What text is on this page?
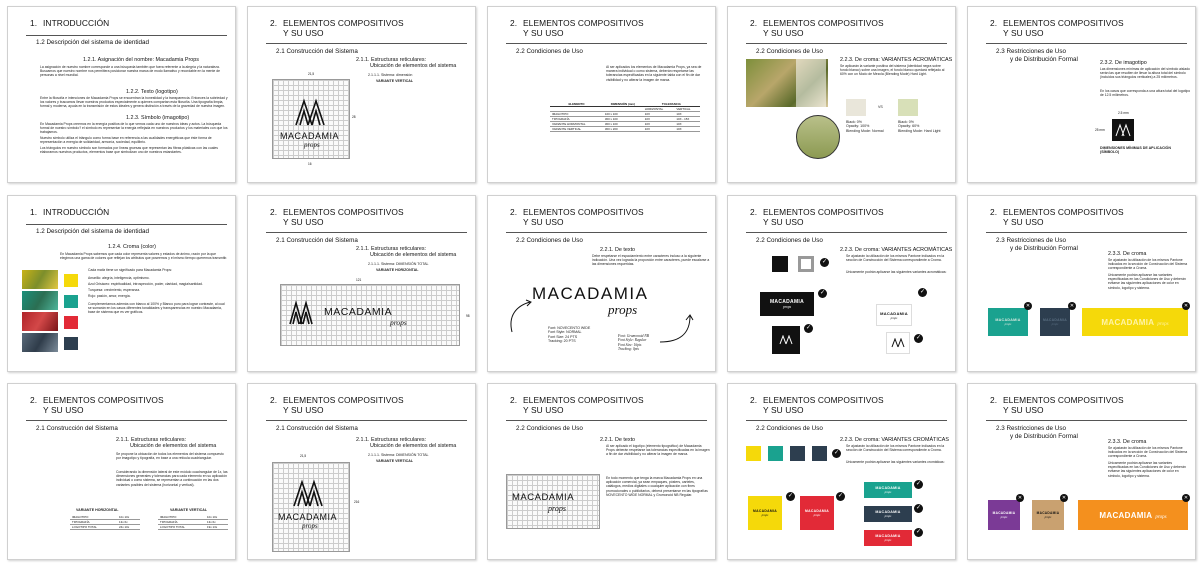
1. INTRODUCCIÓN
1.2 Descripción del sistema de identidad
1.2.1. Asignación del nombre: Macadamia Props
La asignación de nuestro nombre corresponde a una búsqueda también que fuera referente a la alegría y la naturaleza. Buscamos que nuestro nombre nos permitiera posicionar nuestra marca de modo llamativo y recordable en la mente de personas a nivel mundial.
1.2.2. Texto (logotipo)
Entre la filosofía e intenciones de Macadamia Props se encuentran la honestidad y la transparencia. Entonces la sobriedad y los valores y buscamos llevar nuestros productos especialmente a quienes compartan esta filosofía. Una tipografía limpia, formal y moderna, ayuda en la transmisión de estos ideales y genera distinción a través de la gravedad de nuestra imagen.
1.2.3. Símbolo (imagotipo)
En Macadamia Props creemos en la energía positiva de lo que vemos cada uno de nuestros ideas y actos. La búsqueda formal de nuestro símbolo? el símbolo es representar la energía reflejada en nuestros productos y los materiales con que los trabajamos.
Nuestro símbolo utiliza el triángulo como forma base en referencia a las cualidades energéticas que éste forma de representación a energía de solidaridad, armonía, sociedad, equilibrio.
Los triángulos en nuestro símbolo son formados por líneas gruesas que representan las fibras plásticas con las cuales elaboramos nuestros productos, elementos base que simbolizan uno de nuestros estandartes.
2. ELEMENTOS COMPOSITIVOS
Y SU USO
2.1 Construcción del Sistema
2.1.1. Estructuras reticulares:
Ubicación de elementos del sistema
2.1.1.1. Sistema: dimensión
VARIANTE VERTICAL
21,5
28
16
MACADAMIA
props
2. ELEMENTOS COMPOSITIVOS
Y SU USO
2.2 Condiciones de Uso
Al ser aplicados los elementos de Macadamia Props, ya sea de manera individual o como sistema, deberán respetarse las tolerancias especificadas en la siguiente tabla con el fin de dar visibilidad y no alterar la imagen de marca.
ELEMENTO	DIMENSIÓN (mm)	TOLERANCIA	
		HORIZONTAL	VERTICAL
IMAGOTIPO	100 x 100	10X	10X
TIPOGRAFÍA	300 x 100	10X	10X - 15X
VARIANTE HORIZONTAL	300 x 100	10X	10X
VARIANTE VERTICAL	300 x 200	10X	10X
2. ELEMENTOS COMPOSITIVOS
Y SU USO
2.2 Condiciones de Uso
2.2.3. De croma: VARIANTES ACROMÁTICAS
Se aplicarán la variante positiva del sistema (identidad negra sobre fondo blanco) sobre una imagen, el fondo blanco quedará reflejado al 60% con un Modo de Mezcla (Blending Mode) Hard Light.
VS
Black: 0%
Opacity: 100%
Blending Mode: Normal
Black: 0%
Opacity: 60%
Blending Mode: Hard Light
2. ELEMENTOS COMPOSITIVOS
Y SU USO
2.3 Restricciones de Uso
y de Distribución Formal
2.3.2. De imagotipo
Las dimensiones mínimas de aplicación del símbolo aislado serán las que resulten de llevar la altura total del símbolo (incluidos sus triángulos verticales) a 25 milímetros.
En los casos que corresponda a una altura total del logotipo de 12.5 milímetros.
2.5 mm
25 mm
DIMENSIONES MÍNIMAS DE APLICACIÓN (SÍMBOLO)
1. INTRODUCCIÓN
1.2 Descripción del sistema de identidad
1.2.4. Croma (color)
En Macadamia Props sabemos que cada color representa valores y estados de ánimo, razón por la que elegimos una gama de colores que reflejan los atributos que poseemos y el mismo tiempo queremos transmitir.
Cada matiz tiene un significado para Macadamia Props:
Amarillo: alegría, inteligencia, optimismo.
Azul Grisáceo: espiritualidad, introspección, poder, claridad, magia/santidad.
Turquesa: crecimiento, esperanza.
Rojo: pasión, amor, energía.
Complementamos además con blanco al 100% y Blanco puro para lograr contraste, al cual se sumarán en los casos diferentes tonalidades y transparencias en nuestro Macadamia, base de sistema que es ver gráficos.
2. ELEMENTOS COMPOSITIVOS
Y SU USO
2.1 Construcción del Sistema
2.1.1. Estructuras reticulares:
Ubicación de elementos del sistema
2.1.1.1. Sistema: DIMENSIÓN TOTAL
VARIANTE HORIZONTAL
121
98
MACADAMIA
props
2. ELEMENTOS COMPOSITIVOS
Y SU USO
2.2 Condiciones de Uso
2.2.1. De texto
Debe respetarse el espaciamiento entre caracteres incluso a la siguiente indicación. Una vez lograda la proporción entre caracteres, puede escalarse a las dimensiones requeridas.
MACADAMIA
props
Font: NOVECENTO WIDE
Font Style: NORMAL
Font Size: 24 PTS
Tracking: 20 PTS
Font: Grumonoid NB
Font Style: Regular
Font Size: 16pts
Tracking: 0pts
2. ELEMENTOS COMPOSITIVOS
Y SU USO
2.2 Condiciones de Uso
2.2.3. De croma: VARIANTES ACROMÁTICAS
Se ajustarán la utilización de los mismos Pantone indicados en la sección de Construcción del Sistema correspondiente a Croma.
Únicamente podrán aplicarse las siguientes variantes acromáticas:
✓
MACADAMIA
props
✓
✓
MACADAMIA
props
✓
✓
2. ELEMENTOS COMPOSITIVOS
Y SU USO
2.3 Restricciones de Uso
y de Distribución Formal
2.3.3. De croma
Se ajustarán la utilización de los mismos Pantone indicados en la sección de Construcción del Sistema correspondiente a Croma.
Únicamente podrán aplicarse las variantes especificadas en las Condiciones de Uso y deberán evitarse las siguientes aplicaciones de color en símbolo, logotipo y sistema.
MACADAMIA
props
✕
MACADAMIA
props
✕
MACADAMIA props
✕
2. ELEMENTOS COMPOSITIVOS
Y SU USO
2.1 Construcción del Sistema
2.1.1. Estructuras reticulares:
Ubicación de elementos del sistema
Se propone la ubicación de todos los elementos del sistema compuesto por imagotipo y tipografía, en base a una retícula cuadriangular.
Considerando la dimensión lateral de este módulo cuadrangular de 1x, las dimensiones generales y tolerancias para cada elemento en su aplicación individual o como sistema, se representan a continuación en las dos variantes posibles del sistema (horizontal y vertical).
VARIANTE HORIZONTAL	VARIANTE VERTICAL
IMAGOTIPO	10x 10x
TIPOGRAFÍA	13x 6x
LOGOTIPO TOTAL	24x 10x
IMAGOTIPO	10x 10x
TIPOGRAFÍA	13x 6x
LOGOTIPO TOTAL	19x 13x
2. ELEMENTOS COMPOSITIVOS
Y SU USO
2.1 Construcción del Sistema
2.1.1. Estructuras reticulares:
Ubicación de elementos del sistema
2.1.1.1. Sistema: DIMENSIÓN TOTAL
VARIANTE VERTICAL
21,5
216
MACADAMIA
props
2. ELEMENTOS COMPOSITIVOS
Y SU USO
2.2 Condiciones de Uso
2.2.1. De texto
Al ser aplicado el logotipo (elemento tipográfico) de Macadamia Props deberán respetarse las tolerancias especificadas en la imagen a fin de dar visibilidad y no alterar la imagen de marca.
En todo momento que tenga la marca Macadamia Props en una aplicación comercial, ya sean empaques, pósters, carteles, catálogos, medios digitales o cualquier aplicación con fines promocionales o publicitarios, deberá presentarse en las tipografías NOVECENTO WIDE NORMAL y Grumonoid NB Regular.
MACADAMIA
props
2. ELEMENTOS COMPOSITIVOS
Y SU USO
2.2 Condiciones de Uso
2.2.3. De croma: VARIANTES CROMÁTICAS
Se ajustarán la utilización de los mismos Pantone indicados en la sección de Construcción del Sistema correspondiente a Croma.
Únicamente podrán aplicarse las siguientes variantes cromáticas:
✓
MACADAMIA
props
✓
MACADAMIA
props
✓
MACADAMIA
props
✓
MACADAMIA
props
✓
MACADAMIA
props
✓
2. ELEMENTOS COMPOSITIVOS
Y SU USO
2.3 Restricciones de Uso
y de Distribución Formal
2.3.3. De croma
Se ajustarán la utilización de los mismos Pantone indicados en la sección de Construcción del Sistema correspondiente a Croma.
Únicamente podrán aplicarse las variantes especificadas en las Condiciones de Uso y deberán evitarse las siguientes aplicaciones de color en símbolo, logotipo y sistema.
MACADAMIA
props
✕
MACADAMIA
props
✕
MACADAMIA props
✕
